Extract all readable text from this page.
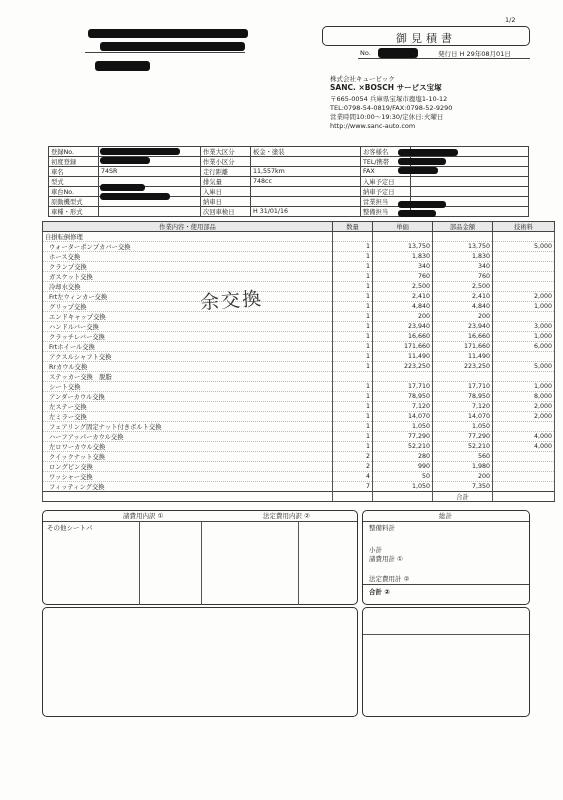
1/2
御見積書
No.	発行日 H 29年08月01日
株式会社キュービック
SANC. ×BOSCH サービス宝塚
〒665-0054 兵庫県宝塚市鹿塩1-10-12
TEL:0798-54-0819/FAX:0798-52-9290
営業時間10:00～19:30/定休日:火曜日
http://www.sanc-auto.com
登録No.		作業大区分	板金・塗装	お客様名	
初度登録		作業小区分		TEL/携帯	
車名	74SR	走行距離	11,557km	FAX	
型式		排気量	748cc	入庫予定日	
車台No.		入庫日		納車予定日	
原動機型式		納車日		営業担当	
車種・形式		次回車検日	H 31/01/16	整備担当	
作業内容・使用部品	数量	単価	部品金額	技術料
自損転倒修理				
ウォーターポンプカバー交換	1	13,750	13,750	5,000
ホース交換	1	1,830	1,830	
クランプ交換	1	340	340	
ガスケット交換	1	760	760	
冷却水交換	1	2,500	2,500	
Frt左ウィンカー交換	1	2,410	2,410	2,000
グリップ交換	1	4,840	4,840	1,000
エンドキャップ交換	1	200	200	
ハンドルバー交換	1	23,940	23,940	3,000
クラッチレバー交換	1	16,660	16,660	1,000
Frtホイール交換	1	171,660	171,660	6,000
アクスルシャフト交換	1	11,490	11,490	
Rrカウル交換	1	223,250	223,250	5,000
ステッカー交換　脱脂				
シート交換	1	17,710	17,710	1,000
アンダーカウル交換	1	78,950	78,950	8,000
左ステー交換	1	7,120	7,120	2,000
左ミラー交換	1	14,070	14,070	2,000
フェアリング固定ナット付きボルト交換	1	1,050	1,050	
ハーフアッパーカウル交換	1	77,290	77,290	4,000
左ロワーカウル交換	1	52,210	52,210	4,000
クイックナット交換	2	280	560	
ロングピン交換	2	990	1,980	
ワッシャー交換	4	50	200	
フィッティング交換	7	1,050	7,350	
			合計	
余交換
諸費用内訳 ①	法定費用内訳 ②
その他シートパ
総計
整備料計
小計
諸費用計 ①
法定費用計 ②
合計 ②
